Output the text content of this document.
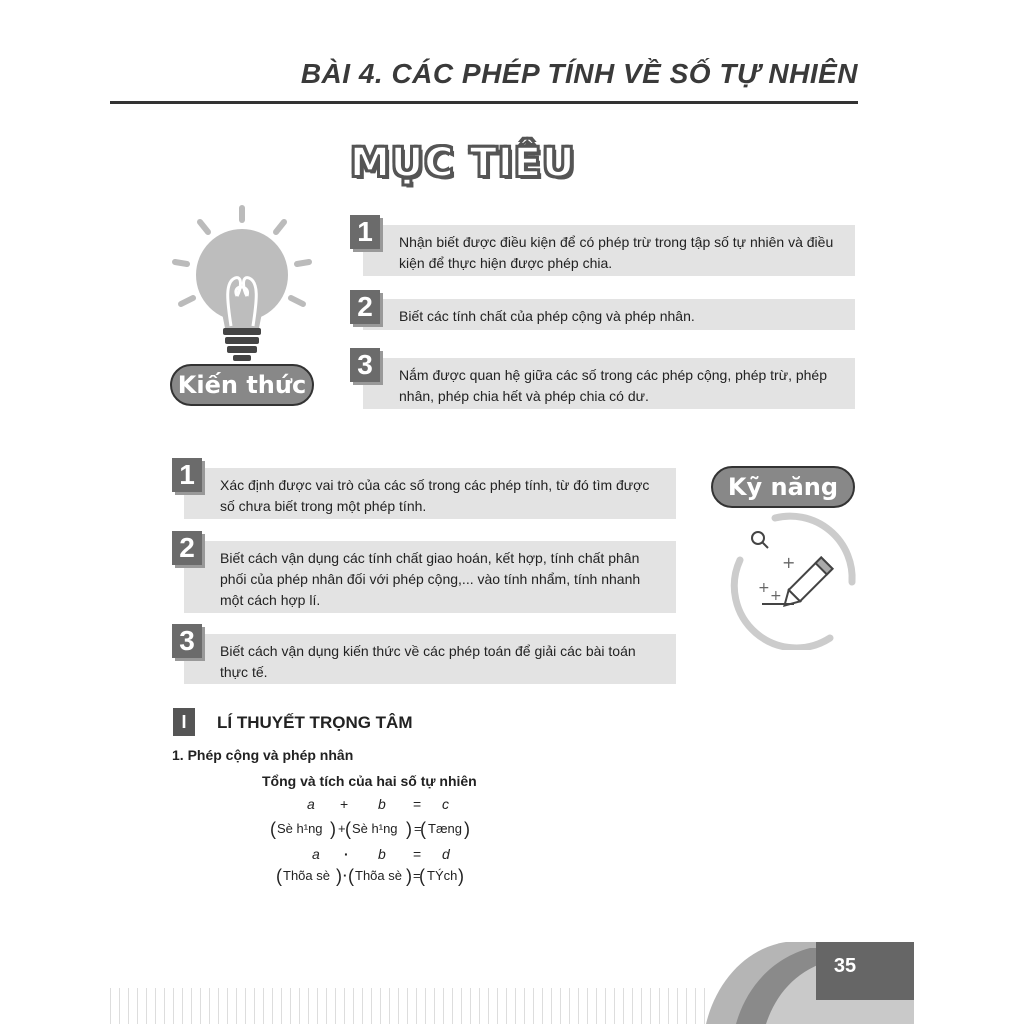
BÀI 4. CÁC PHÉP TÍNH VỀ SỐ TỰ NHIÊN
MỤC TIÊU
Kiến thức
Nhận biết được điều kiện để có phép trừ trong tập số tự nhiên và điều kiện để thực hiện được phép chia.
1
Biết các tính chất của phép cộng và phép nhân.
2
Nắm được quan hệ giữa các số trong các phép cộng, phép trừ, phép nhân, phép chia hết và phép chia có dư.
3
Xác định được vai trò của các số trong các phép tính, từ đó tìm được số chưa biết trong một phép tính.
1
Biết cách vận dụng các tính chất giao hoán, kết hợp, tính chất phân phối của phép nhân đối với phép cộng,... vào tính nhẩm, tính nhanh một cách hợp lí.
2
Biết cách vận dụng kiến thức về các phép toán để giải các bài toán thực tế.
3
Kỹ năng
+
+ +
I	LÍ THUYẾT TRỌNG TÂM
1. Phép cộng và phép nhân
Tổng và tích của hai số tự nhiên
a + b = c
( Sè h¹ng ) + ( Sè h¹ng ) =
( Tæng )
a · b = d
( Thõa sè ) · ( Thõa sè ) =
( TÝch )
35
